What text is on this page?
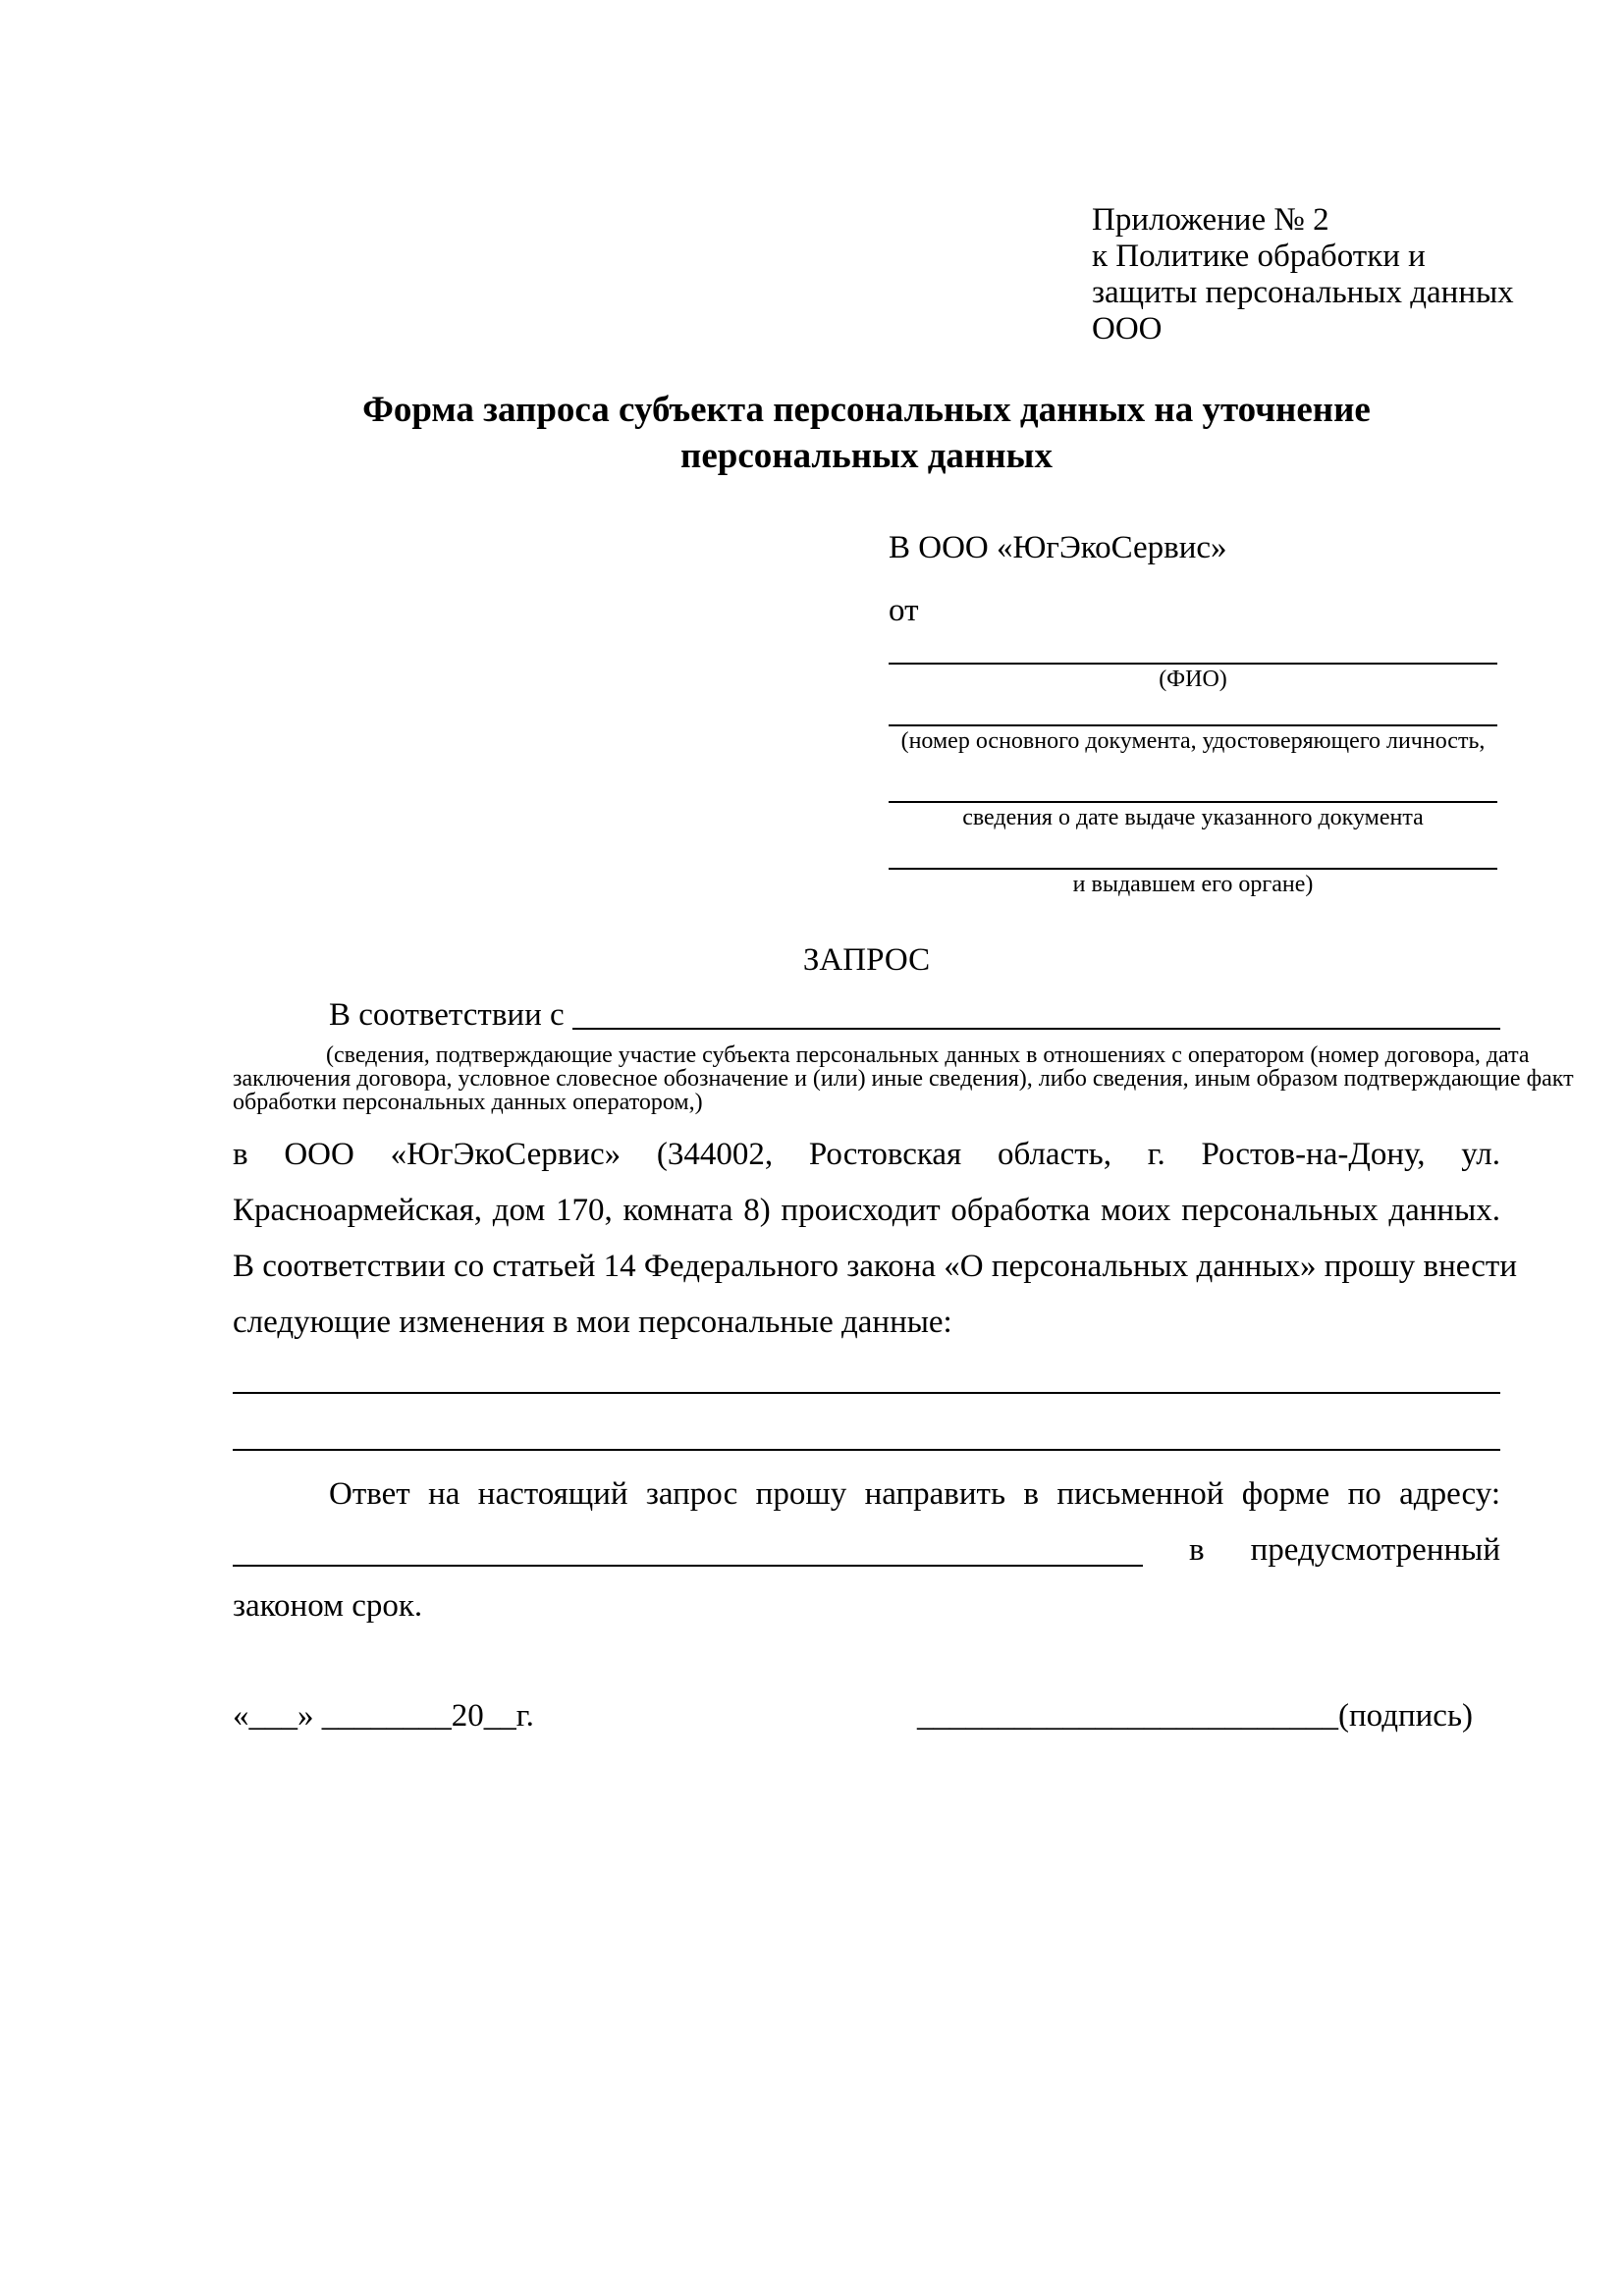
Приложение № 2
к Политике обработки и
защиты персональных данных
ООО
Форма запроса субъекта персональных данных на уточнение
персональных данных
В ООО «ЮгЭкоСервис»
от
(ФИО)
(номер основного документа, удостоверяющего личность,
сведения о дате выдаче указанного документа
и выдавшем его органе)
ЗАПРОС
В соответствии с
(сведения, подтверждающие участие субъекта персональных данных в отношениях с оператором (номер договора, дата
заключения договора, условное словесное обозначение и (или) иные сведения), либо сведения, иным образом подтверждающие факт
обработки персональных данных оператором,)
в ООО «ЮгЭкоСервис» (344002, Ростовская область, г. Ростов-на-Дону, ул.
Красноармейская, дом 170, комната 8) происходит обработка моих персональных данных.
В соответствии со статьей 14 Федерального закона «О персональных данных» прошу внести
следующие изменения в мои персональные данные:
Ответ на настоящий запрос прошу направить в письменной форме по адресу:
в предусмотренный
законом срок.
«___» ________20__г.	__________________________(подпись)
